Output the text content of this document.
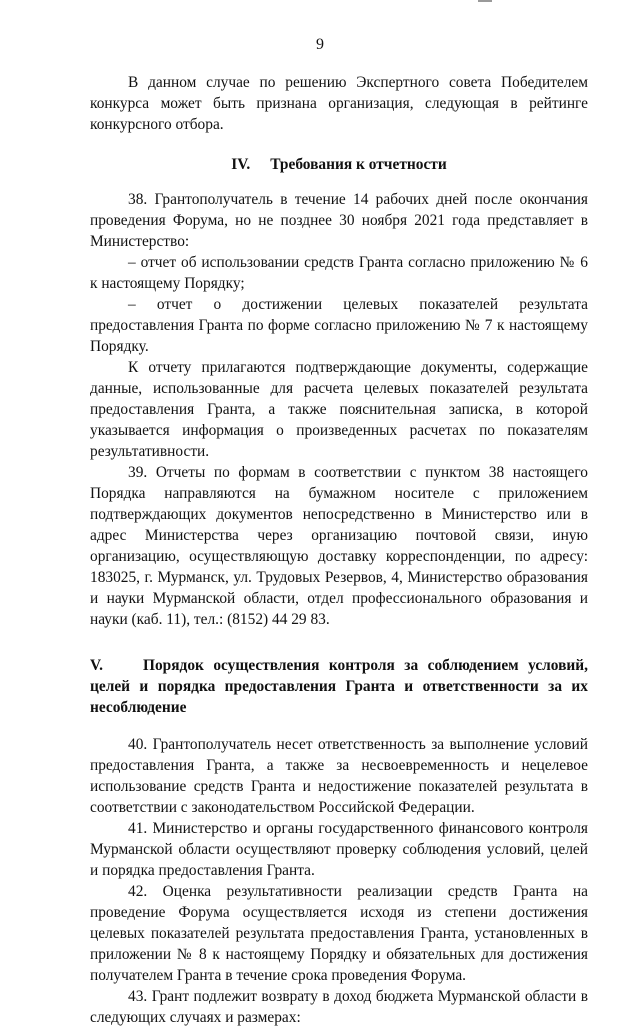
9

В данном случае по решению Экспертного совета Победителем конкурса может быть признана организация, следующая в рейтинге конкурсного отбора.

IV. Требования к отчетности

38. Грантополучатель в течение 14 рабочих дней после окончания проведения Форума, но не позднее 30 ноября 2021 года представляет в Министерство:

– отчет об использовании средств Гранта согласно приложению № 6 к настоящему Порядку;

– отчет о достижении целевых показателей результата предоставления Гранта по форме согласно приложению № 7 к настоящему Порядку.

К отчету прилагаются подтверждающие документы, содержащие данные, использованные для расчета целевых показателей результата предоставления Гранта, а также пояснительная записка, в которой указывается информация о произведенных расчетах по показателям результативности.

39. Отчеты по формам в соответствии с пунктом 38 настоящего Порядка направляются на бумажном носителе с приложением подтверждающих документов непосредственно в Министерство или в адрес Министерства через организацию почтовой связи, иную организацию, осуществляющую доставку корреспонденции, по адресу: 183025, г. Мурманск, ул. Трудовых Резервов, 4, Министерство образования и науки Мурманской области, отдел профессионального образования и науки (каб. 11), тел.: (8152) 44 29 83.

V.	Порядок осуществления контроля за соблюдением условий, целей и порядка предоставления Гранта и ответственности за их несоблюдение

40. Грантополучатель несет ответственность за выполнение условий предоставления Гранта, а также за несвоевременность и нецелевое использование средств Гранта и недостижение показателей результата в соответствии с законодательством Российской Федерации.

41. Министерство и органы государственного финансового контроля Мурманской области осуществляют проверку соблюдения условий, целей и порядка предоставления Гранта.

42. Оценка результативности реализации средств Гранта на проведение Форума осуществляется исходя из степени достижения целевых показателей результата предоставления Гранта, установленных в приложении № 8 к настоящему Порядку и обязательных для достижения получателем Гранта в течение срока проведения Форума.

43. Грант подлежит возврату в доход бюджета Мурманской области в следующих случаях и размерах:
